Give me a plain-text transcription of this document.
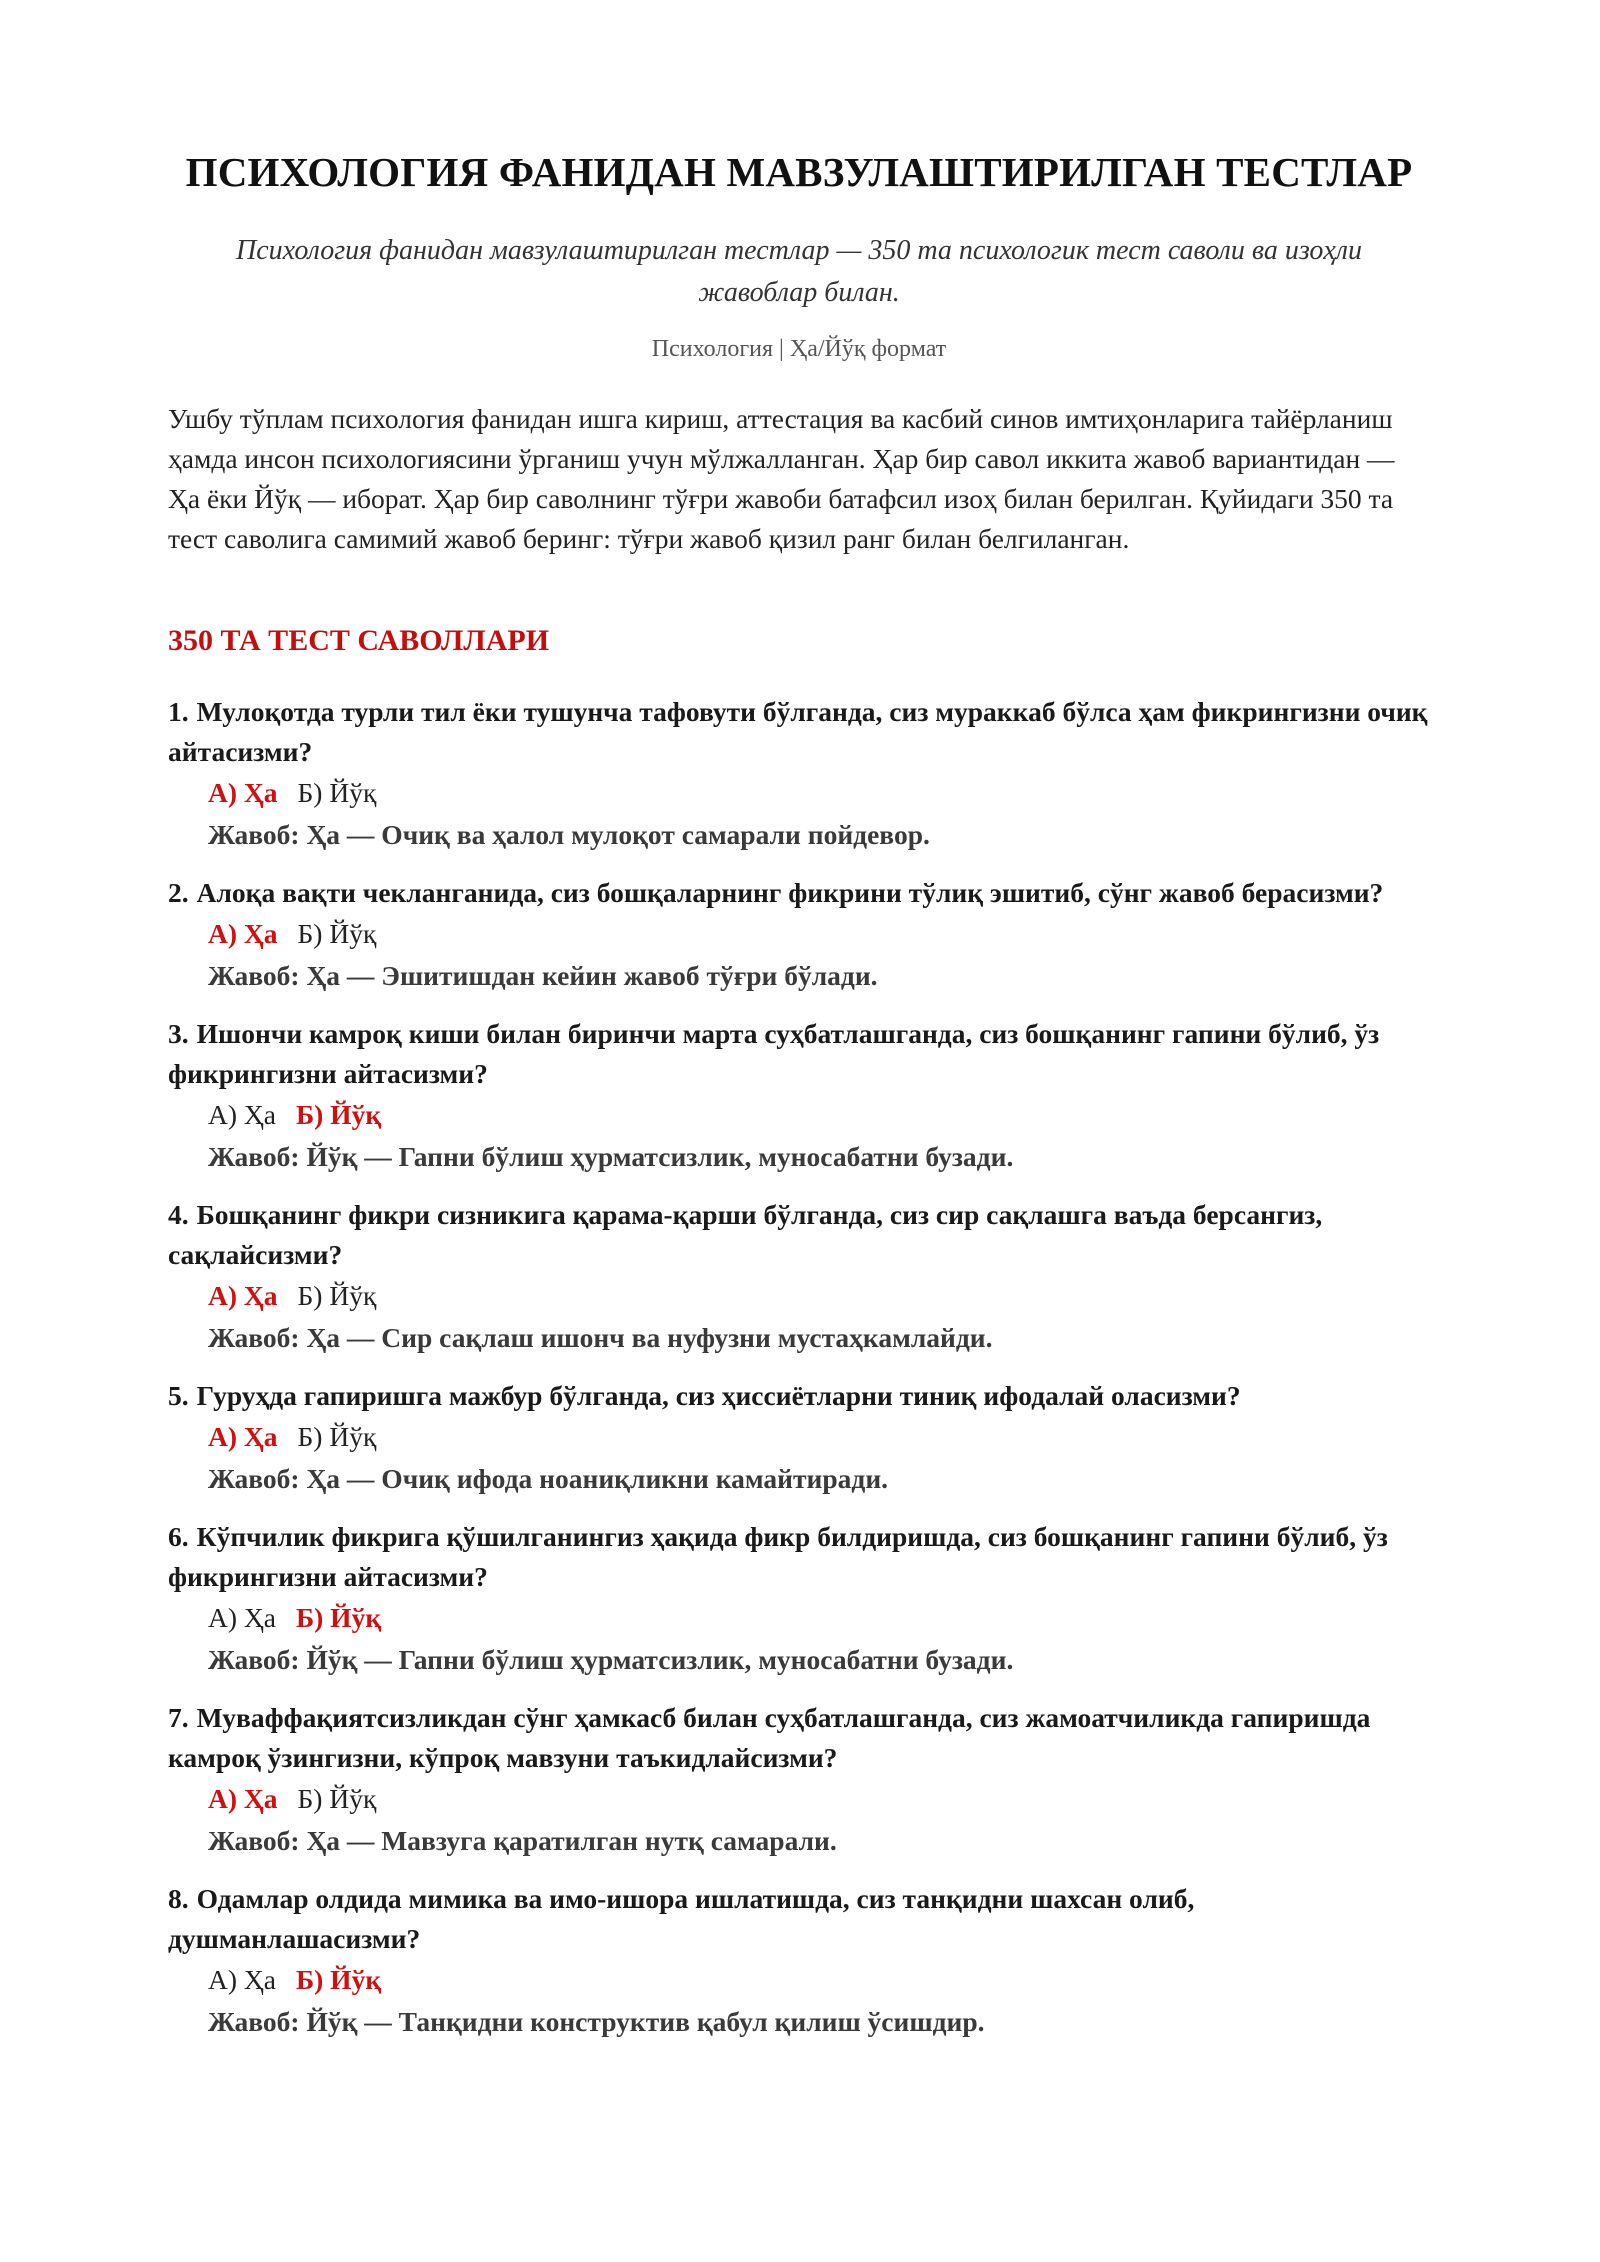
ПСИХОЛОГИЯ ФАНИДАН МАВЗУЛАШТИРИЛГАН ТЕСТЛАР

Психология фанидан мавзулаштирилган тестлар — 350 та психологик тест саволи ва изоҳли жавоблар билан.

Психология | Ҳа/Йўқ формат

Ушбу тўплам психология фанидан ишга кириш, аттестация ва касбий синов имтиҳонларига тайёрланиш ҳамда инсон психологиясини ўрганиш учун мўлжалланган. Ҳар бир савол иккита жавоб вариантидан — Ҳа ёки Йўқ — иборат. Ҳар бир саволнинг тўғри жавоби батафсил изоҳ билан берилган. Қуйидаги 350 та тест саволига самимий жавоб беринг: тўғри жавоб қизил ранг билан белгиланган.

350 ТА ТЕСТ САВОЛЛАРИ
1. Мулоқотда турли тил ёки тушунча тафовути бўлганда, сиз мураккаб бўлса ҳам фикрингизни очиқ айтасизми?
А) Ҳа Б) Йўқ
Жавоб: Ҳа — Очиқ ва ҳалол мулоқот самарали пойдевор.
2. Алоқа вақти чекланганида, сиз бошқаларнинг фикрини тўлиқ эшитиб, сўнг жавоб берасизми?
А) Ҳа Б) Йўқ
Жавоб: Ҳа — Эшитишдан кейин жавоб тўғри бўлади.
3. Ишончи камроқ киши билан биринчи марта суҳбатлашганда, сиз бошқанинг гапини бўлиб, ўз фикрингизни айтасизми?
А) Ҳа Б) Йўқ
Жавоб: Йўқ — Гапни бўлиш ҳурматсизлик, муносабатни бузади.
4. Бошқанинг фикри сизникига қарама-қарши бўлганда, сиз сир сақлашга ваъда берсангиз, сақлайсизми?
А) Ҳа Б) Йўқ
Жавоб: Ҳа — Сир сақлаш ишонч ва нуфузни мустаҳкамлайди.
5. Гуруҳда гапиришга мажбур бўлганда, сиз ҳиссиётларни тиниқ ифодалай оласизми?
А) Ҳа Б) Йўқ
Жавоб: Ҳа — Очиқ ифода ноаниқликни камайтиради.
6. Кўпчилик фикрига қўшилганингиз ҳақида фикр билдиришда, сиз бошқанинг гапини бўлиб, ўз фикрингизни айтасизми?
А) Ҳа Б) Йўқ
Жавоб: Йўқ — Гапни бўлиш ҳурматсизлик, муносабатни бузади.
7. Муваффақиятсизликдан сўнг ҳамкасб билан суҳбатлашганда, сиз жамоатчиликда гапиришда камроқ ўзингизни, кўпроқ мавзуни таъкидлайсизми?
А) Ҳа Б) Йўқ
Жавоб: Ҳа — Мавзуга қаратилган нутқ самарали.
8. Одамлар олдида мимика ва имо-ишора ишлатишда, сиз танқидни шахсан олиб, душманлашасизми?
А) Ҳа Б) Йўқ
Жавоб: Йўқ — Танқидни конструктив қабул қилиш ўсишдир.
